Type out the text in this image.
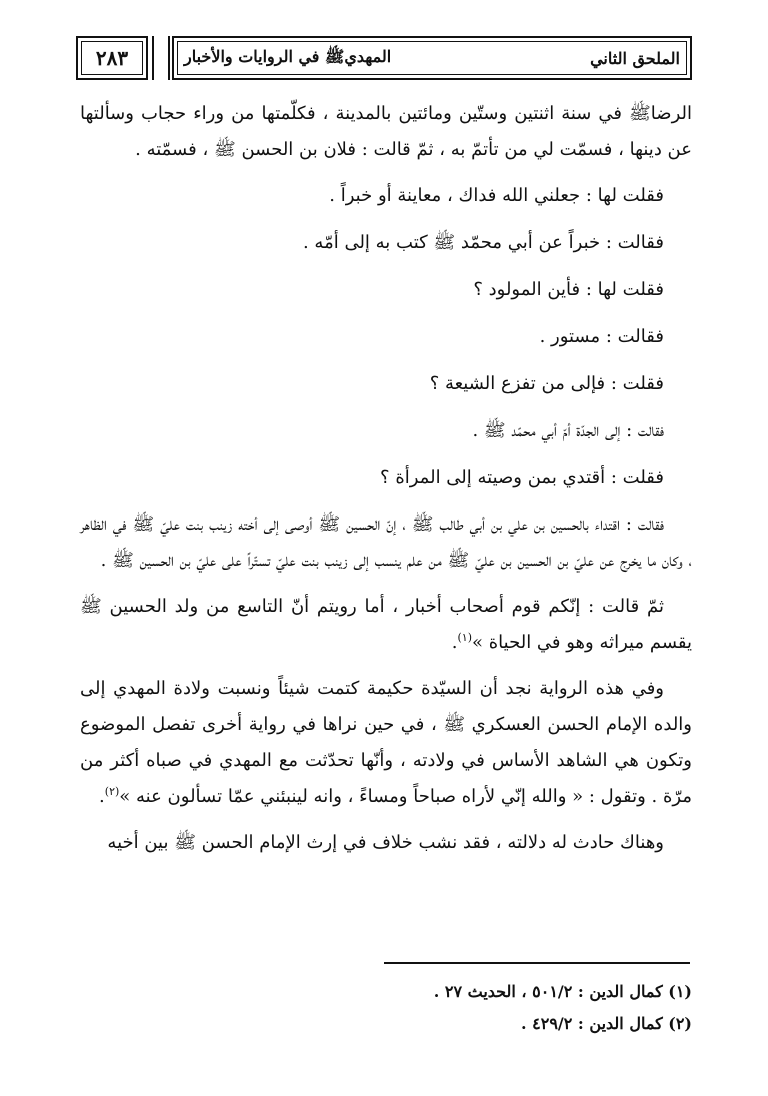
الملحق الثاني
المهديﷺ في الروايات والأخبار
٢٨٣

الرضاﷺ في سنة اثنتين وستّين ومائتين بالمدينة ، فكلّمتها من وراء حجاب وسألتها عن دينها ، فسمّت لي من تأتمّ به ، ثمّ قالت : فلان بن الحسن ﷺ ، فسمّته .

فقلت لها : جعلني الله فداك ، معاينة أو خبراً .

فقالت : خبراً عن أبي محمّد ﷺ كتب به إلى أمّه .

فقلت لها : فأين المولود ؟

فقالت : مستور .

فقلت : فإلى من تفزع الشيعة ؟

فقالت : إلى الجدّة أمّ أبي محمّد ﷺ .

فقلت : أقتدي بمن وصيته إلى المرأة ؟

فقالت : اقتداء بالحسين بن علي بن أبي طالب ﷺ ، إنّ الحسين ﷺ أوصى إلى أخته زينب بنت عليّ ﷺ في الظاهر ، وكان ما يخرج عن عليّ بن الحسين بن عليّ ﷺ من علم ينسب إلى زينب بنت عليّ تستّراً على عليّ بن الحسين ﷺ .

ثمّ قالت : إنّكم قوم أصحاب أخبار ، أما رويتم أنّ التاسع من ولد الحسين ﷺ يقسم ميراثه وهو في الحياة »$^{(١)}$.

وفي هذه الرواية نجد أن السيّدة حكيمة كتمت شيئاً ونسبت ولادة المهدي إلى والده الإمام الحسن العسكري ﷺ ، في حين نراها في رواية أخرى تفصل الموضوع وتكون هي الشاهد الأساس في ولادته ، وأنّها تحدّثت مع المهدي في صباه أكثر من مرّة . وتقول : « والله إنّي لأراه صباحاً ومساءً ، وانه لينبئني عمّا تسألون عنه »$^{(٢)}$.

وهناك حادث له دلالته ، فقد نشب خلاف في إرث الإمام الحسن ﷺ بين أخيه

(١) كمال الدين : ٥٠١/٢ ، الحديث ٢٧ .
(٢) كمال الدين : ٤٢٩/٢ .
